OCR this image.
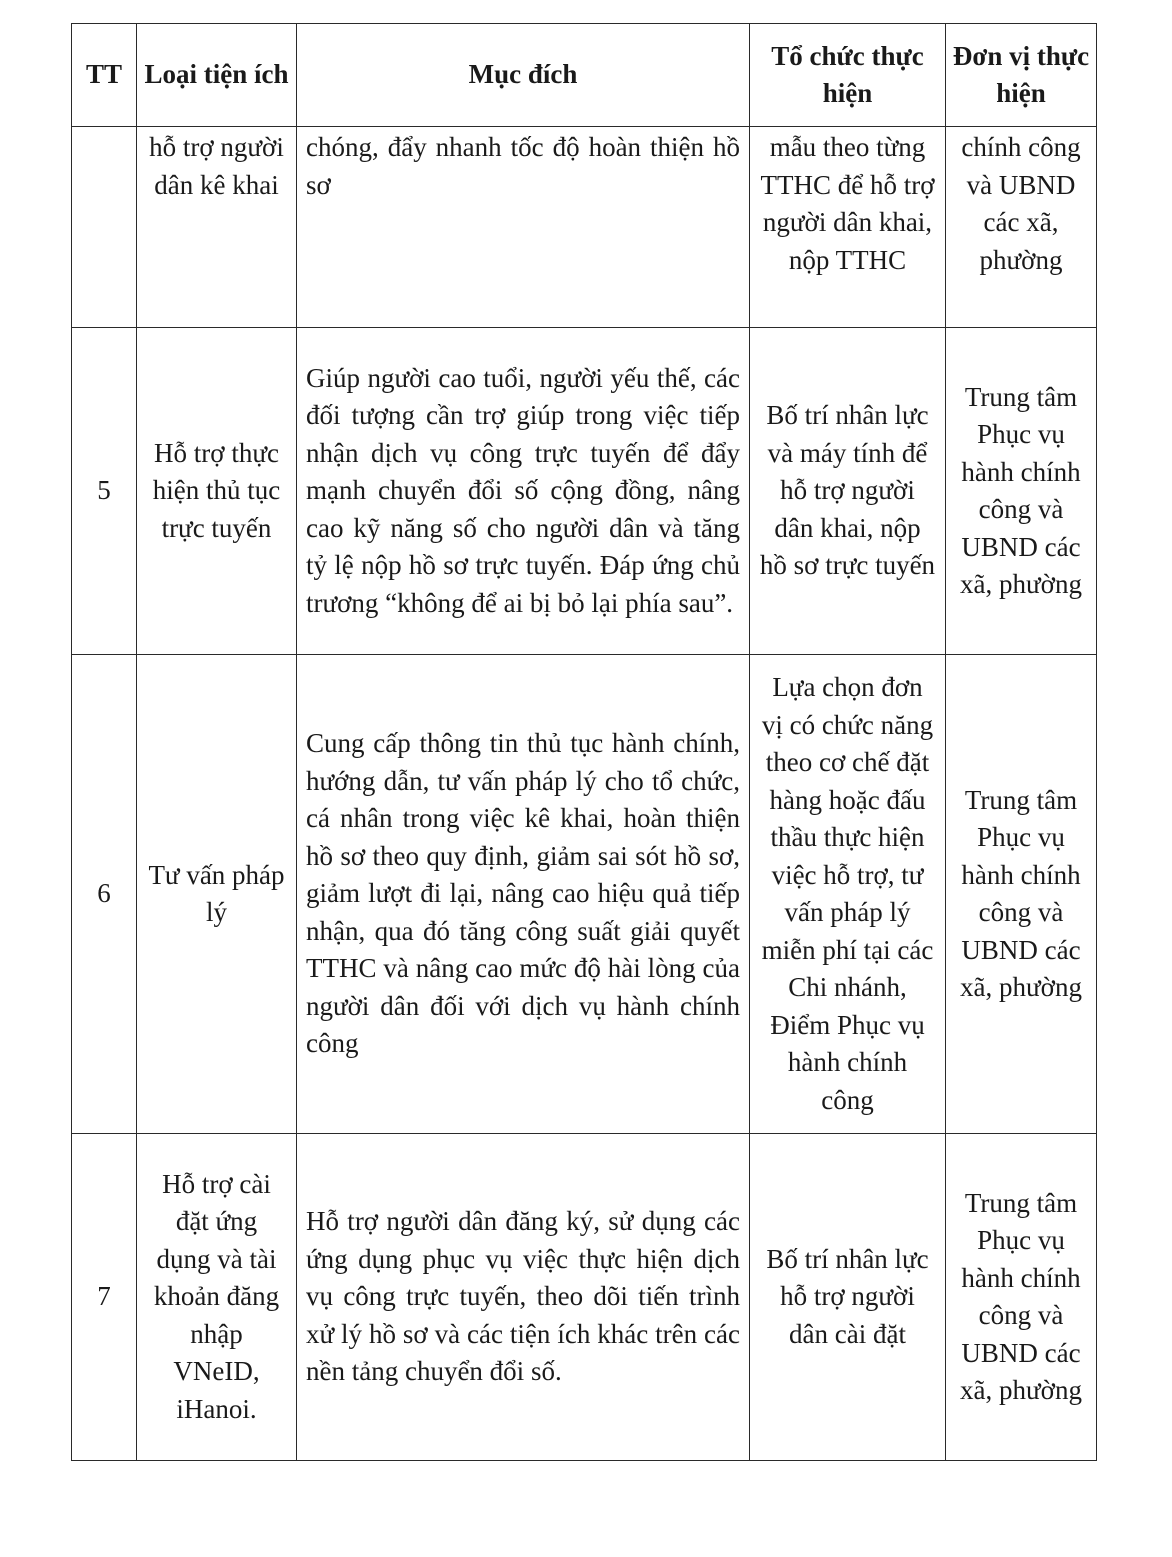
TT	Loại tiện ích	Mục đích	Tổ chức thực hiện	Đơn vị thực hiện
	hỗ trợ người dân kê khai	chóng, đẩy nhanh tốc độ hoàn thiện hồ sơ	mẫu theo từng TTHC để hỗ trợ người dân khai, nộp TTHC	chính công và UBND các xã, phường
5	Hỗ trợ thực hiện thủ tục trực tuyến	Giúp người cao tuổi, người yếu thế, các đối tượng cần trợ giúp trong việc tiếp nhận dịch vụ công trực tuyến để đẩy mạnh chuyển đổi số cộng đồng, nâng cao kỹ năng số cho người dân và tăng tỷ lệ nộp hồ sơ trực tuyến. Đáp ứng chủ trương “không để ai bị bỏ lại phía sau”.	Bố trí nhân lực và máy tính để hỗ trợ người dân khai, nộp hồ sơ trực tuyến	Trung tâm Phục vụ hành chính công và UBND các xã, phường
6	Tư vấn pháp lý	Cung cấp thông tin thủ tục hành chính, hướng dẫn, tư vấn pháp lý cho tổ chức, cá nhân trong việc kê khai, hoàn thiện hồ sơ theo quy định, giảm sai sót hồ sơ, giảm lượt đi lại, nâng cao hiệu quả tiếp nhận, qua đó tăng công suất giải quyết TTHC và nâng cao mức độ hài lòng của người dân đối với dịch vụ hành chính công	Lựa chọn đơn vị có chức năng theo cơ chế đặt hàng hoặc đấu thầu thực hiện việc hỗ trợ, tư vấn pháp lý miễn phí tại các Chi nhánh, Điểm Phục vụ hành chính công	Trung tâm Phục vụ hành chính công và UBND các xã, phường
7	Hỗ trợ cài đặt ứng dụng và tài khoản đăng nhập VNeID, iHanoi.	Hỗ trợ người dân đăng ký, sử dụng các ứng dụng phục vụ việc thực hiện dịch vụ công trực tuyến, theo dõi tiến trình xử lý hồ sơ và các tiện ích khác trên các nền tảng chuyển đổi số.	Bố trí nhân lực hỗ trợ người dân cài đặt	Trung tâm Phục vụ hành chính công và UBND các xã, phường
